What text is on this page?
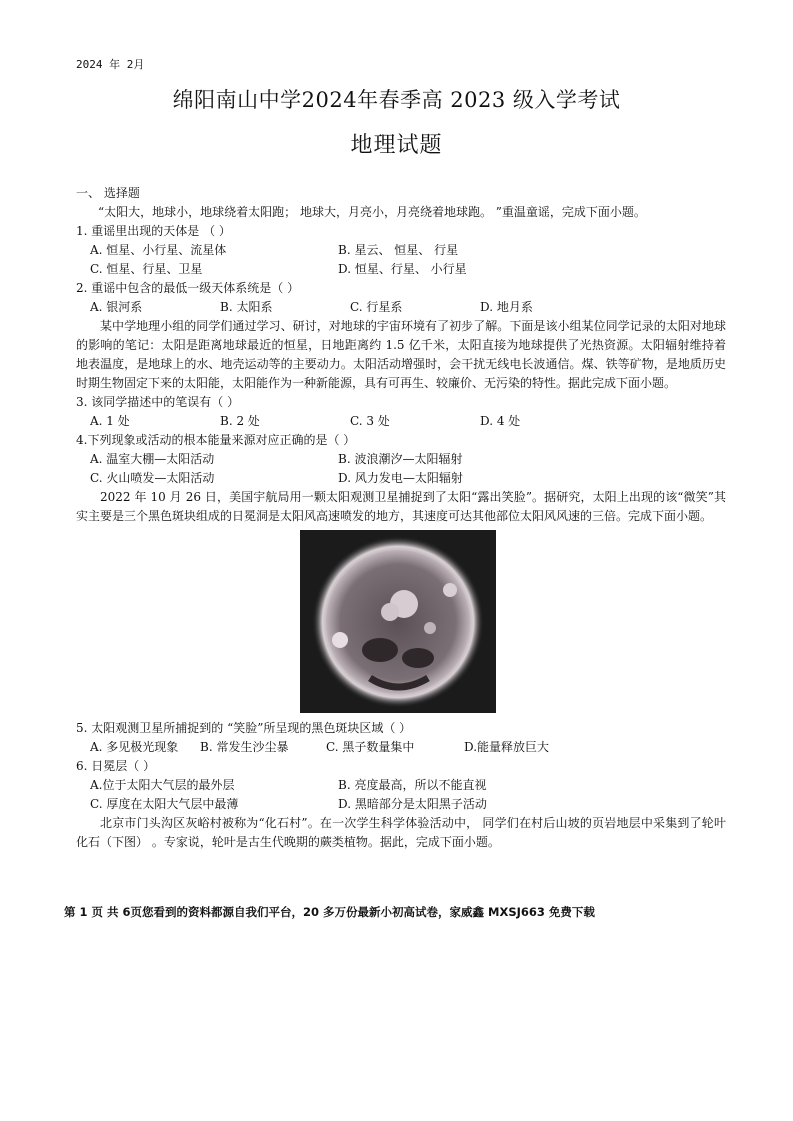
2024 年 2月
绵阳南山中学2024年春季高 2023 级入学考试
地理试题
一、 选择题
“太阳大，地球小，地球绕着太阳跑； 地球大，月亮小，月亮绕着地球跑。 ”重温童谣，完成下面小题。
1. 重谣里出现的天体是 （ ）
A. 恒星、小行星、流星体	B. 星云、 恒星、 行星
C. 恒星、行星、卫星	D. 恒星、行星、 小行星
2. 重谣中包含的最低一级天体系统是（ ）
A. 银河系	B. 太阳系	C. 行星系	D. 地月系

某中学地理小组的同学们通过学习、研讨，对地球的宇宙环境有了初步了解。下面是该小组某位同学记录的太阳对地球的影响的笔记：太阳是距离地球最近的恒星，日地距离约 1.5 亿千米，太阳直接为地球提供了光热资源。太阳辐射维持着地表温度，是地球上的水、地壳运动等的主要动力。太阳活动增强时，会干扰无线电长波通信。煤、铁等矿物，是地质历史时期生物固定下来的太阳能，太阳能作为一种新能源，具有可再生、较廉价、无污染的特性。据此完成下面小题。

3. 该同学描述中的笔误有（ ）
A. 1 处	B. 2 处	C. 3 处	D. 4 处
4.下列现象或活动的根本能量来源对应正确的是（ ）
A. 温室大棚—太阳活动	B. 波浪潮汐—太阳辐射
C. 火山喷发—太阳活动	D. 风力发电—太阳辐射

2022 年 10 月 26 日，美国宇航局用一颗太阳观测卫星捕捉到了太阳“露出笑脸”。据研究，太阳上出现的该“微笑”其实主要是三个黑色斑块组成的日冕洞是太阳风高速喷发的地方，其速度可达其他部位太阳风风速的三倍。完成下面小题。

5. 太阳观测卫星所捕捉到的 “笑脸”所呈现的黑色斑块区域（ ）
A. 多见极光现象	B. 常发生沙尘暴	C. 黑子数量集中	D.能量释放巨大
6. 日冕层（ ）
A.位于太阳大气层的最外层	B. 亮度最高，所以不能直视
C. 厚度在太阳大气层中最薄	D. 黑暗部分是太阳黑子活动

北京市门头沟区灰峪村被称为“化石村”。在一次学生科学体验活动中， 同学们在村后山坡的页岩地层中采集到了轮叶化石（下图） 。专家说，轮叶是古生代晚期的蕨类植物。据此，完成下面小题。

第 1 页 共 6页您看到的资料都源自我们平台，20 多万份最新小初高试卷，家威鑫 MXSJ663 免费下载
